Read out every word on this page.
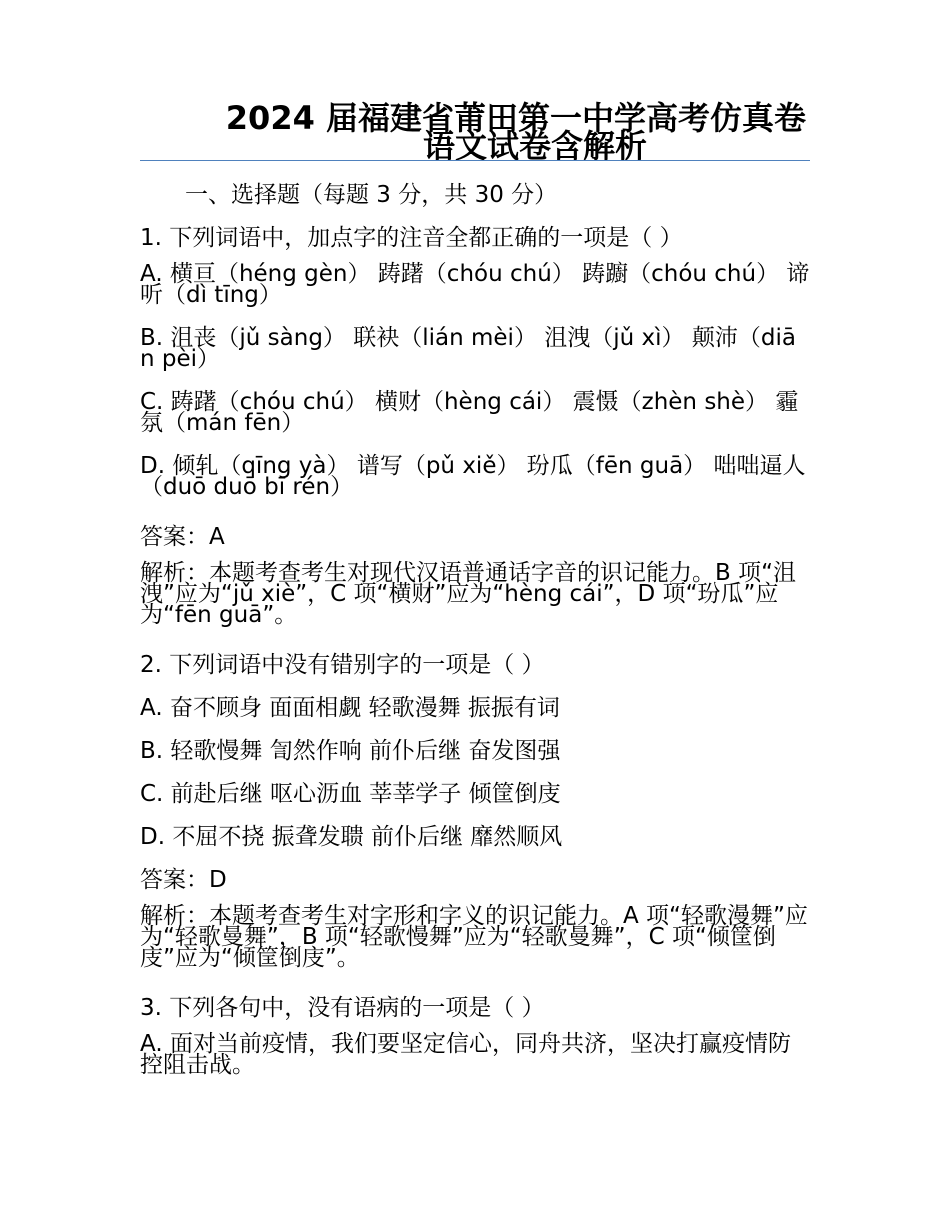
2024 届福建省莆田第一中学高考仿真卷
语文试卷含解析
一、选择题（每题 3 分，共 30 分）
1. 下列词语中，加点字的注音全都正确的一项是（ ）
A. 横亘（héng gèn） 踌躇（chóu chú） 踌躕（chóu chú） 谛听（dì tīng）
B. 沮丧（jǔ sàng） 联袂（lián mèi） 沮洩（jǔ xì） 颠沛（diān pèi）
C. 踌躇（chóu chú） 横财（hèng cái） 震慑（zhèn shè） 霾氛（mán fēn）
D. 倾轧（qīng yà） 谱写（pǔ xiě） 玢瓜（fēn guā） 咄咄逼人（duō duō bī rén）
答案：A
解析：本题考查考生对现代汉语普通话字音的识记能力。B 项“沮洩”应为“jǔ xiè”，C 项“横财”应为“hèng cái”，D 项“玢瓜”应为“fēn guā”。
2. 下列词语中没有错别字的一项是（ ）
A. 奋不顾身 面面相觑 轻歌漫舞 振振有词
B. 轻歌慢舞 訇然作响 前仆后继 奋发图强
C. 前赴后继 呕心沥血 莘莘学子 倾筐倒庋
D. 不屈不挠 振聋发聩 前仆后继 靡然顺风
答案：D
解析：本题考查考生对字形和字义的识记能力。A 项“轻歌漫舞”应为“轻歌曼舞”，B 项“轻歌慢舞”应为“轻歌曼舞”，C 项“倾筐倒庋”应为“倾筐倒庋”。
3. 下列各句中，没有语病的一项是（ ）
A. 面对当前疫情，我们要坚定信心，同舟共济，坚决打赢疫情防控阻击战。
